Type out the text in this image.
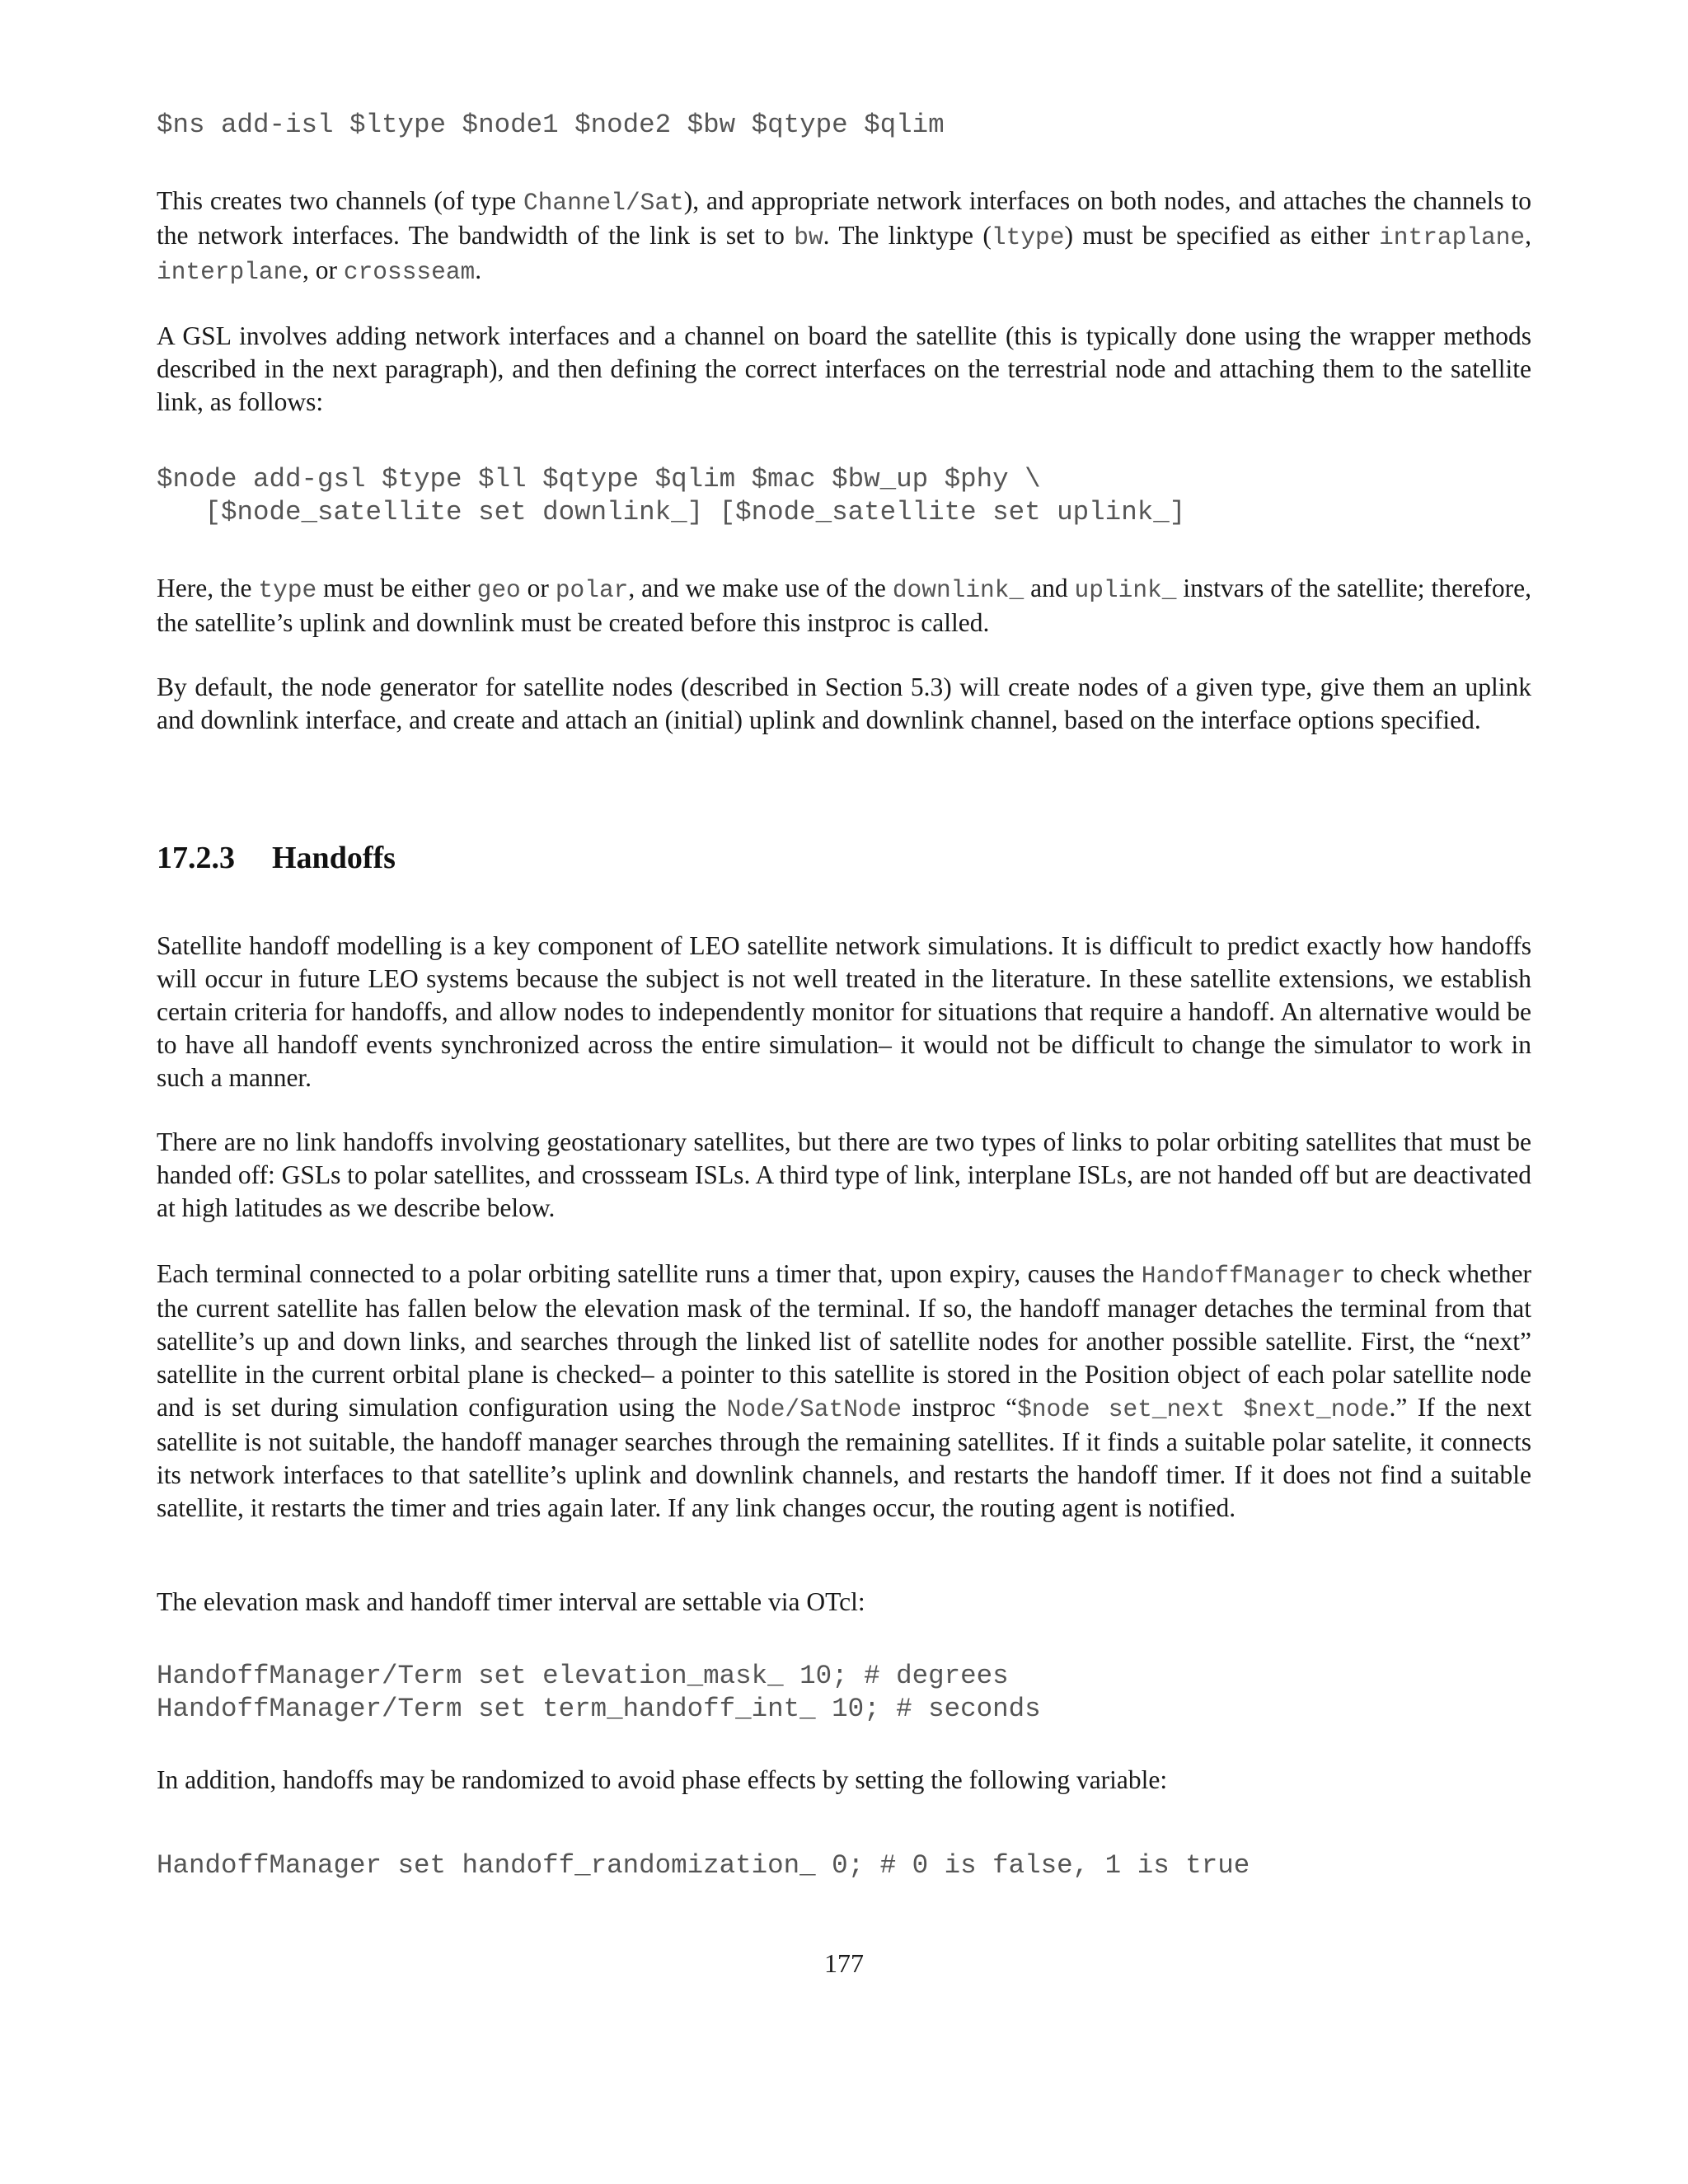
$ns add-isl $ltype $node1 $node2 $bw $qtype $qlim

This creates two channels (of type Channel/Sat), and appropriate network interfaces on both nodes, and attaches the channels to the network interfaces. The bandwidth of the link is set to bw. The linktype (ltype) must be specified as either intraplane, interplane, or crossseam.

A GSL involves adding network interfaces and a channel on board the satellite (this is typically done using the wrapper methods described in the next paragraph), and then defining the correct interfaces on the terrestrial node and attaching them to the satellite link, as follows:

$node add-gsl $type $ll $qtype $qlim $mac $bw_up $phy \
[$node_satellite set downlink_] [$node_satellite set uplink_]

Here, the type must be either geo or polar, and we make use of the downlink_ and uplink_ instvars of the satellite; therefore, the satellite’s uplink and downlink must be created before this instproc is called.

By default, the node generator for satellite nodes (described in Section 5.3) will create nodes of a given type, give them an uplink and downlink interface, and create and attach an (initial) uplink and downlink channel, based on the interface options specified.

17.2.3 Handoffs

Satellite handoff modelling is a key component of LEO satellite network simulations. It is difficult to predict exactly how handoffs will occur in future LEO systems because the subject is not well treated in the literature. In these satellite extensions, we establish certain criteria for handoffs, and allow nodes to independently monitor for situations that require a handoff. An alternative would be to have all handoff events synchronized across the entire simulation– it would not be difficult to change the simulator to work in such a manner.

There are no link handoffs involving geostationary satellites, but there are two types of links to polar orbiting satellites that must be handed off: GSLs to polar satellites, and crossseam ISLs. A third type of link, interplane ISLs, are not handed off but are deactivated at high latitudes as we describe below.

Each terminal connected to a polar orbiting satellite runs a timer that, upon expiry, causes the HandoffManager to check whether the current satellite has fallen below the elevation mask of the terminal. If so, the handoff manager detaches the terminal from that satellite’s up and down links, and searches through the linked list of satellite nodes for another possible satellite. First, the “next” satellite in the current orbital plane is checked– a pointer to this satellite is stored in the Position object of each polar satellite node and is set during simulation configuration using the Node/SatNode instproc “$node set_next $next_node.” If the next satellite is not suitable, the handoff manager searches through the remaining satellites. If it finds a suitable polar satelite, it connects its network interfaces to that satellite’s uplink and downlink channels, and restarts the handoff timer. If it does not find a suitable satellite, it restarts the timer and tries again later. If any link changes occur, the routing agent is notified.

The elevation mask and handoff timer interval are settable via OTcl:

HandoffManager/Term set elevation_mask_ 10; # degrees
HandoffManager/Term set term_handoff_int_ 10; # seconds

In addition, handoffs may be randomized to avoid phase effects by setting the following variable:

HandoffManager set handoff_randomization_ 0; # 0 is false, 1 is true
177
